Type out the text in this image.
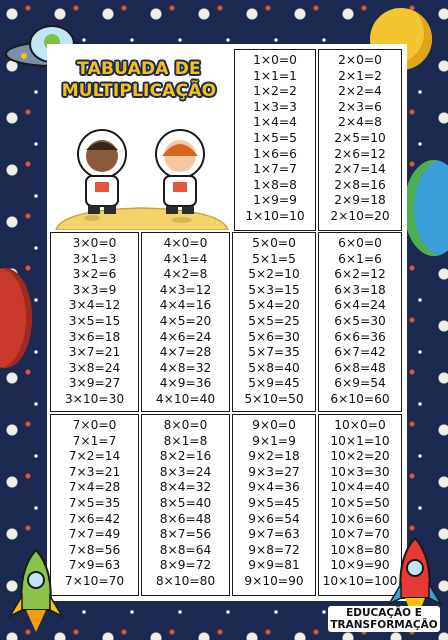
TABUADA DE
MULTIPLICAÇÃO
1×0=0
1×1=1
1×2=2
1×3=3
1×4=4
1×5=5
1×6=6
1×7=7
1×8=8
1×9=9
1×10=10
2×0=0
2×1=2
2×2=4
2×3=6
2×4=8
2×5=10
2×6=12
2×7=14
2×8=16
2×9=18
2×10=20
3×0=0
3×1=3
3×2=6
3×3=9
3×4=12
3×5=15
3×6=18
3×7=21
3×8=24
3×9=27
3×10=30
4×0=0
4×1=4
4×2=8
4×3=12
4×4=16
4×5=20
4×6=24
4×7=28
4×8=32
4×9=36
4×10=40
5×0=0
5×1=5
5×2=10
5×3=15
5×4=20
5×5=25
5×6=30
5×7=35
5×8=40
5×9=45
5×10=50
6×0=0
6×1=6
6×2=12
6×3=18
6×4=24
6×5=30
6×6=36
6×7=42
6×8=48
6×9=54
6×10=60
7×0=0
7×1=7
7×2=14
7×3=21
7×4=28
7×5=35
7×6=42
7×7=49
7×8=56
7×9=63
7×10=70
8×0=0
8×1=8
8×2=16
8×3=24
8×4=32
8×5=40
8×6=48
8×7=56
8×8=64
8×9=72
8×10=80
9×0=0
9×1=9
9×2=18
9×3=27
9×4=36
9×5=45
9×6=54
9×7=63
9×8=72
9×9=81
9×10=90
10×0=0
10×1=10
10×2=20
10×3=30
10×4=40
10×5=50
10×6=60
10×7=70
10×8=80
10×9=90
10×10=100
EDUCAÇÃO E
TRANSFORMAÇÃO
